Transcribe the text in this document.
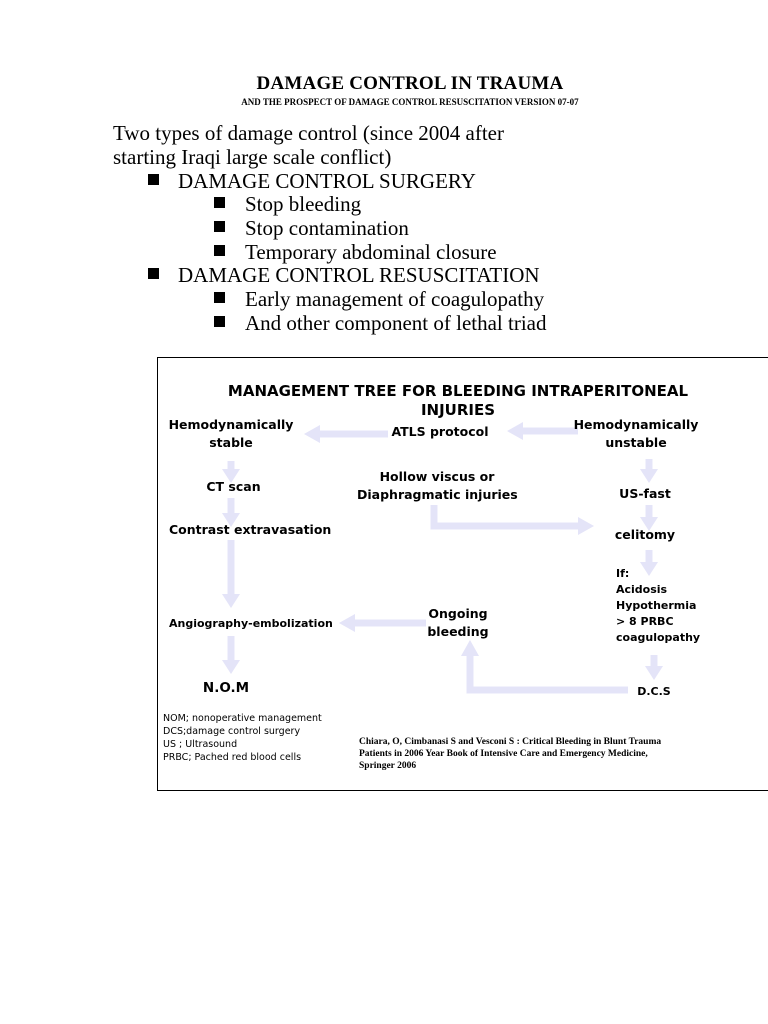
DAMAGE CONTROL IN TRAUMA
AND THE PROSPECT OF DAMAGE CONTROL RESUSCITATION VERSION 07-07
Two types of damage control (since 2004 after
starting Iraqi large scale conflict)
DAMAGE CONTROL SURGERY
Stop bleeding
Stop contamination
Temporary abdominal closure
DAMAGE CONTROL RESUSCITATION
Early management of coagulopathy
And other component of lethal triad
MANAGEMENT TREE FOR BLEEDING INTRAPERITONEAL
INJURIES
Hemodynamically
stable
ATLS protocol	Hemodynamically
unstable
CT scan
Hollow viscus or
Diaphragmatic injuries	US-fast
Contrast extravasation	celitomy
If:
Acidosis
Hypothermia
> 8 PRBC
coagulopathy
Angiography-embolization
Ongoing
bleeding
N.O.M	D.C.S
NOM; nonoperative management
DCS;damage control surgery
US ; Ultrasound
PRBC; Pached red blood cells
Chiara, O, Cimbanasi S and Vesconi S : Critical Bleeding in Blunt Trauma
Patients in 2006 Year Book of Intensive Care and Emergency Medicine,
Springer 2006
